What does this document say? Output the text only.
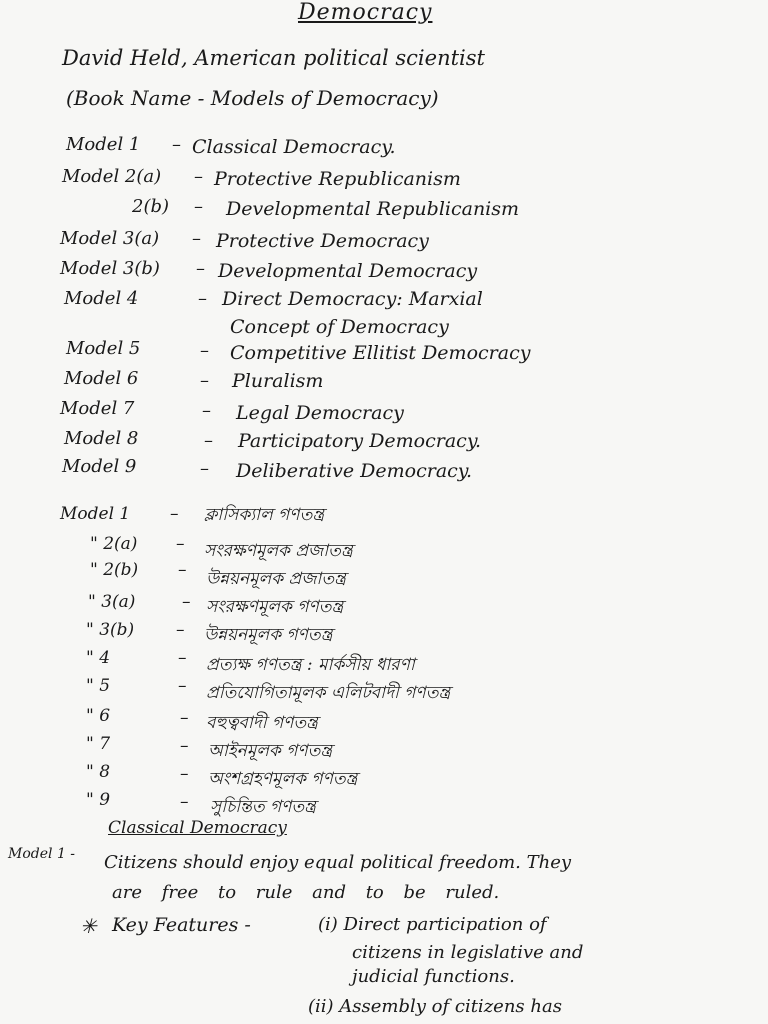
Democracy
David Held, American political scientist
(Book Name - Models of Democracy)
Model 1 – Classical Democracy.
Model 2(a) – Protective Republicanism
2(b) – Developmental Republicanism
Model 3(a) – Protective Democracy
Model 3(b) – Developmental Democracy
Model 4	– Direct Democracy: Marxial
Concept of Democracy
Model 5	– Competitive Ellitist Democracy
Model 6	– Pluralism
Model 7	– Legal Democracy
Model 8	– Participatory Democracy.
Model 9	– Deliberative Democracy.
Model 1 – ক্লাসিক্যাল গণতন্ত্র
" 2(a) – সংরক্ষণমূলক প্রজাতন্ত্র
" 2(b) – উন্নয়নমূলক প্রজাতন্ত্র
" 3(a)	– সংরক্ষণমূলক গণতন্ত্র
" 3(b) – উন্নয়নমূলক গণতন্ত্র
" 4	– প্রত্যক্ষ গণতন্ত্র : মার্কসীয় ধারণা
" 5	– প্রতিযোগিতামূলক এলিটবাদী গণতন্ত্র
" 6	– বহুত্ববাদী গণতন্ত্র
" 7	– আইনমূলক গণতন্ত্র
" 8	– অংশগ্রহণমূলক গণতন্ত্র
" 9	– সুচিন্তিত গণতন্ত্র
Classical Democracy
Model 1 - Citizens should enjoy equal political freedom. They
are free to rule and to be ruled.
✳ Key Features -	(i) Direct participation of
citizens in legislative and
judicial functions.
(ii) Assembly of citizens has
